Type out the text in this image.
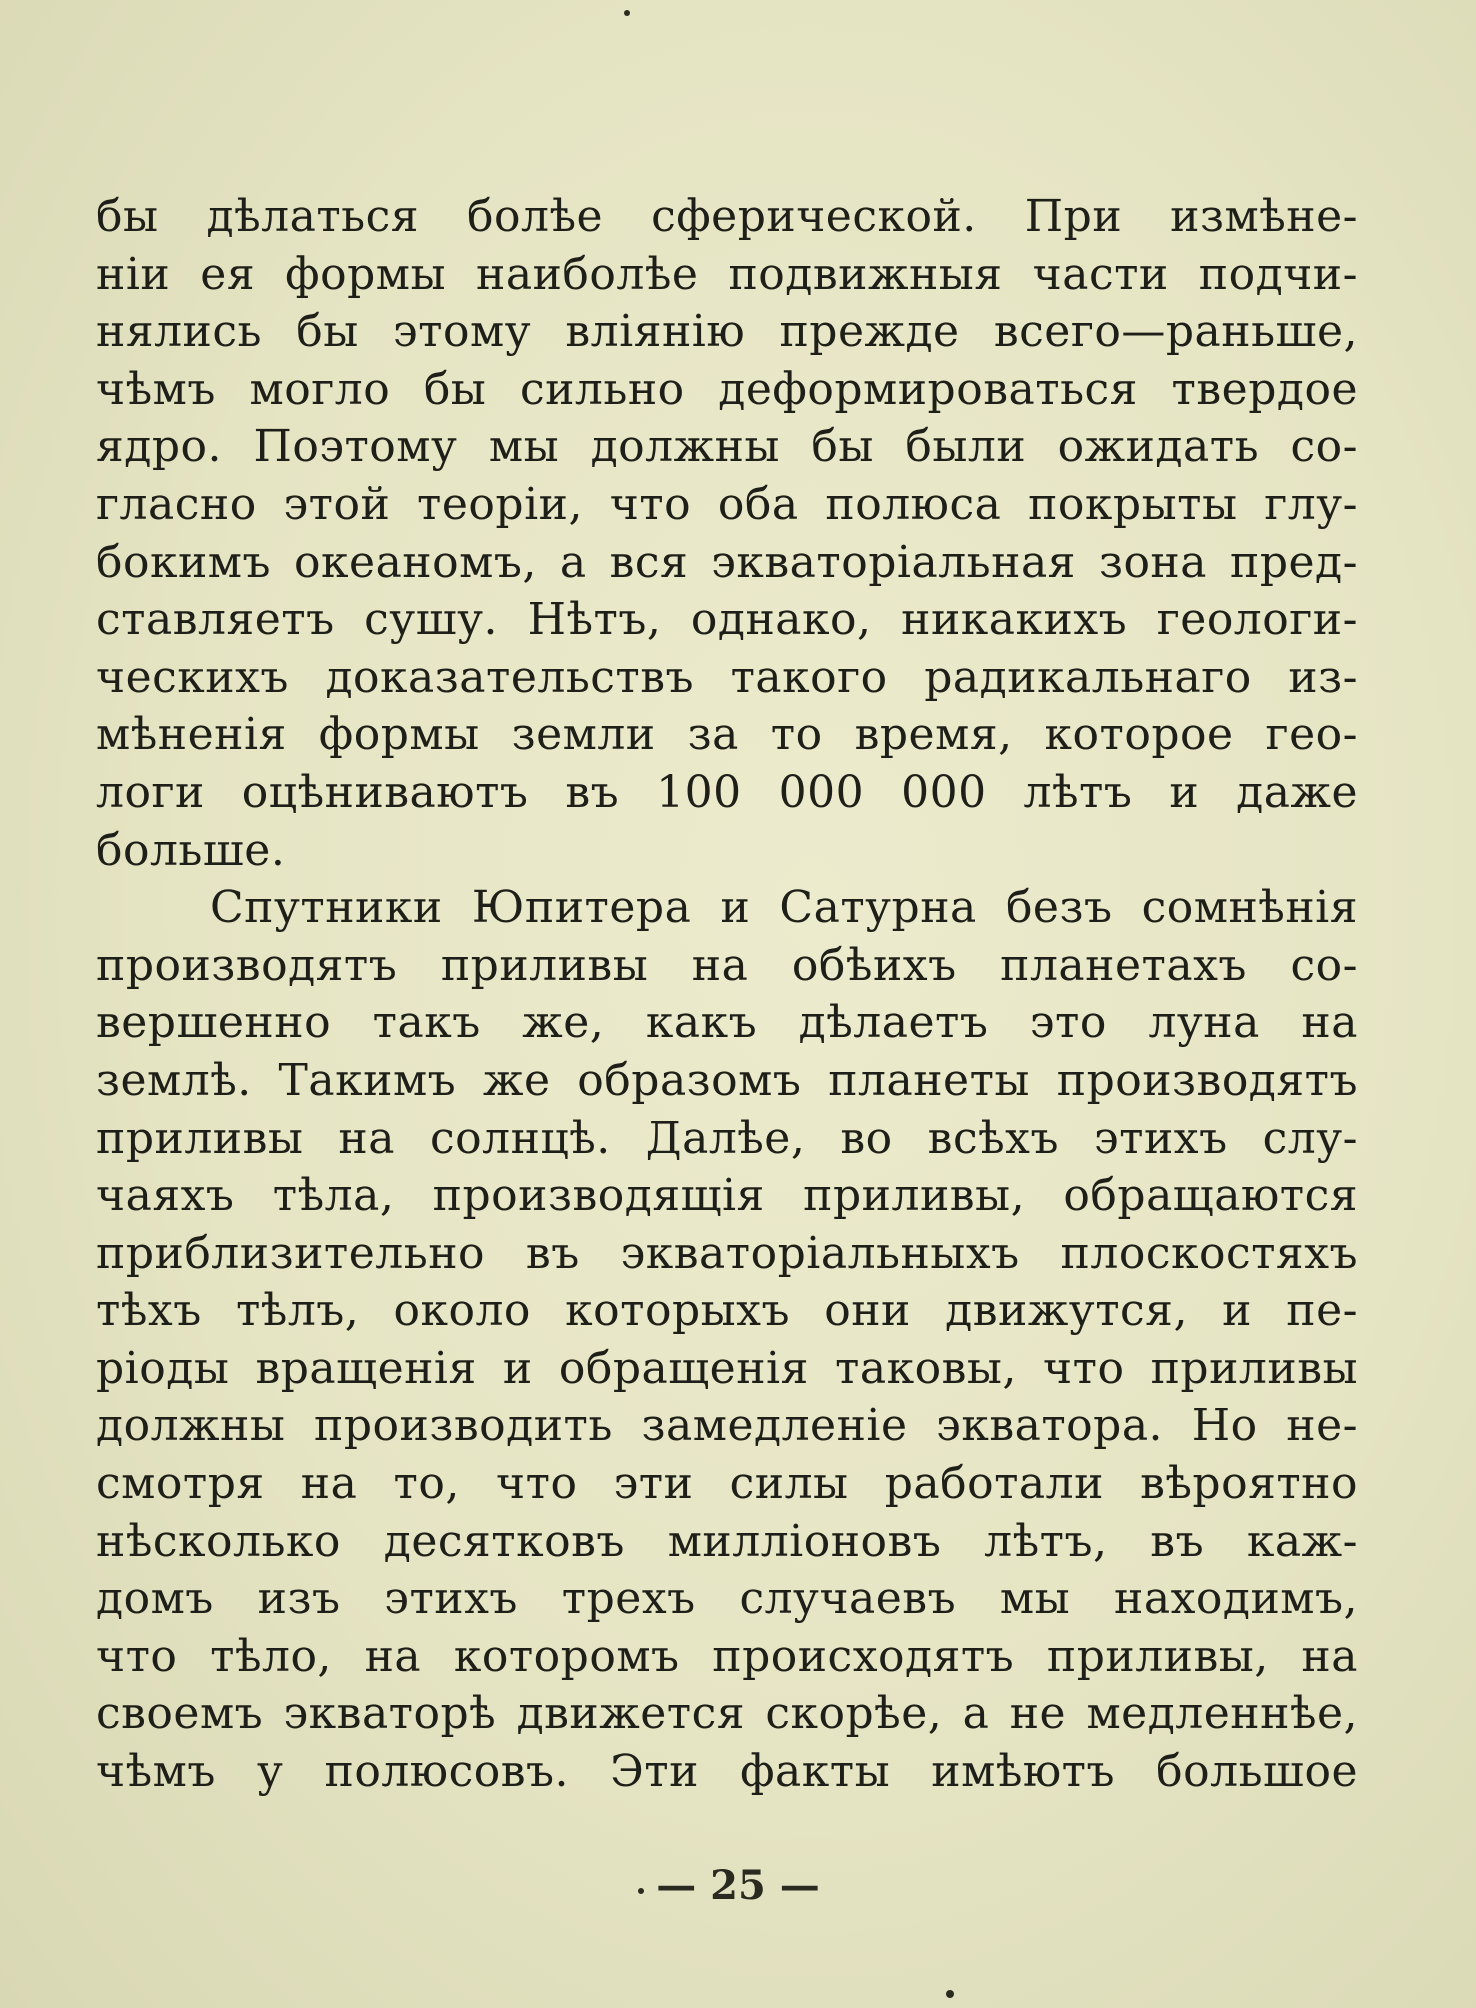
бы дѣлаться болѣе сферической. При измѣне-
ніи ея формы наиболѣе подвижныя части подчи-
нялись бы этому вліянію прежде всего—раньше,
чѣмъ могло бы сильно деформироваться твердое
ядро. Поэтому мы должны бы были ожидать со-
гласно этой теоріи, что оба полюса покрыты глу-
бокимъ океаномъ, а вся экваторіальная зона пред-
ставляетъ сушу. Нѣтъ, однако, никакихъ геологи-
ческихъ доказательствъ такого радикальнаго из-
мѣненія формы земли за то время, которое гео-
логи оцѣниваютъ въ 100 000 000 лѣтъ и даже
больше.
Спутники Юпитера и Сатурна безъ сомнѣнія
производятъ приливы на обѣихъ планетахъ со-
вершенно такъ же, какъ дѣлаетъ это луна на
землѣ. Такимъ же образомъ планеты производятъ
приливы на солнцѣ. Далѣе, во всѣхъ этихъ слу-
чаяхъ тѣла, производящія приливы, обращаются
приблизительно въ экваторіальныхъ плоскостяхъ
тѣхъ тѣлъ, около которыхъ они движутся, и пе-
ріоды вращенія и обращенія таковы, что приливы
должны производить замедленіе экватора. Но не-
смотря на то, что эти силы работали вѣроятно
нѣсколько десятковъ милліоновъ лѣтъ, въ каж-
домъ изъ этихъ трехъ случаевъ мы находимъ,
что тѣло, на которомъ происходятъ приливы, на
своемъ экваторѣ движется скорѣе, а не медленнѣе,
чѣмъ у полюсовъ. Эти факты имѣютъ большое
— 25 —
